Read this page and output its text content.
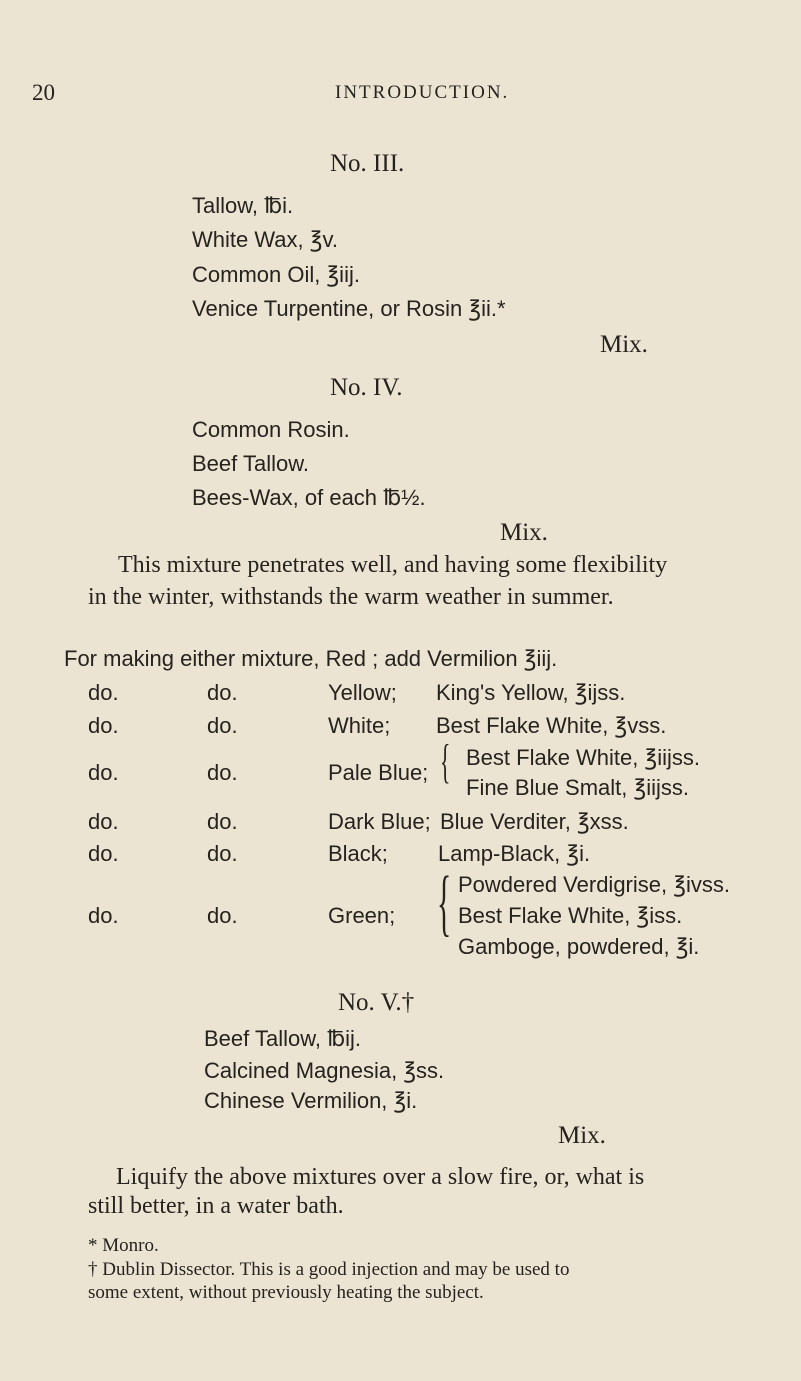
20	INTRODUCTION.
No. III.
Tallow, ℔i.
White Wax, ℥v.
Common Oil, ℥iij.
Venice Turpentine, or Rosin ℥ii.*
Mix.
No. IV.
Common Rosin.
Beef Tallow.
Bees-Wax, of each ℔½.
Mix.
This mixture penetrates well, and having some flexibility
in the winter, withstands the warm weather in summer.
For making either mixture, Red ; add Vermilion ℥iij.
do.	do.	Yellow; King's Yellow, ℥ijss.
do.	do.	White; Best Flake White, ℥vss.
do.	do.	Pale Blue; { Best Flake White, ℥iijss.
Fine Blue Smalt, ℥iijss.
do.	do.	Dark Blue; Blue Verditer, ℥xss.
do.	do.	Black; Lamp-Black, ℥i.
do.	do.	Green; { Powdered Verdigrise, ℥ivss.
Best Flake White, ℥iss.
Gamboge, powdered, ℥i.
No. V.†
Beef Tallow, ℔ij.
Calcined Magnesia, ℥ss.
Chinese Vermilion, ℥i.
Mix.
Liquify the above mixtures over a slow fire, or, what is
still better, in a water bath.
* Monro.
† Dublin Dissector. This is a good injection and may be used to
some extent, without previously heating the subject.
